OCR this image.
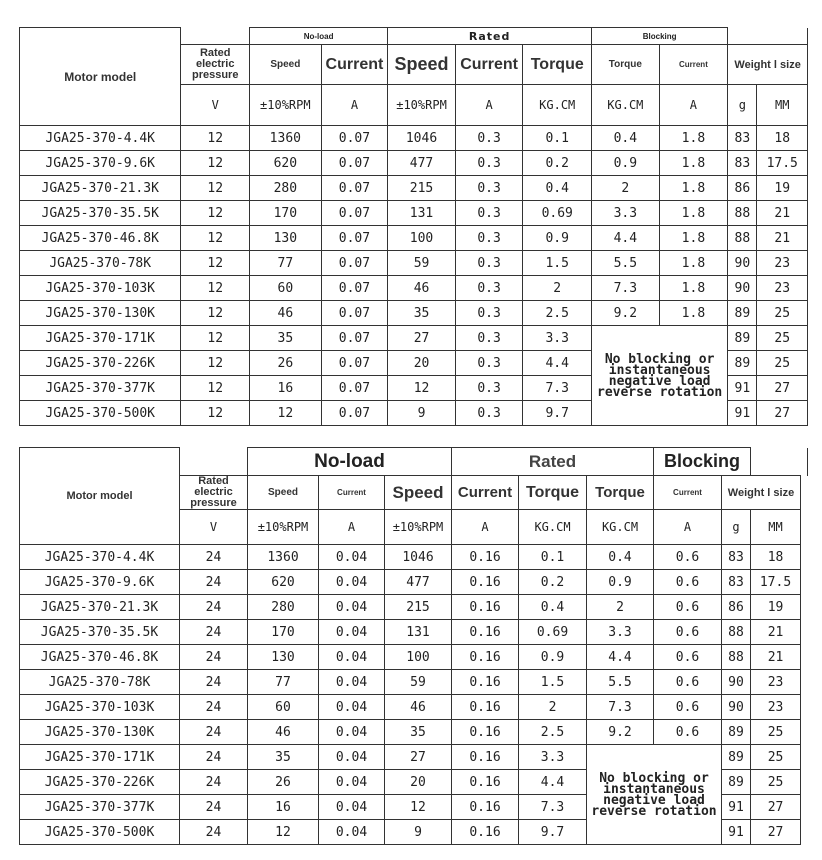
Motor model		No-load		Rated			Blocking			
	Rated electric pressure	Speed	Current	Speed	Current	Torque	Torque	Current	Weight l size	
	V	±10%RPM	A	±10%RPM	A	KG.CM	KG.CM	A	g	MM
JGA25-370-4.4K	12	1360	0.07	1046	0.3	0.1	0.4	1.8	83	18
JGA25-370-9.6K	12	620	0.07	477	0.3	0.2	0.9	1.8	83	17.5
JGA25-370-21.3K	12	280	0.07	215	0.3	0.4	2	1.8	86	19
JGA25-370-35.5K	12	170	0.07	131	0.3	0.69	3.3	1.8	88	21
JGA25-370-46.8K	12	130	0.07	100	0.3	0.9	4.4	1.8	88	21
JGA25-370-78K	12	77	0.07	59	0.3	1.5	5.5	1.8	90	23
JGA25-370-103K	12	60	0.07	46	0.3	2	7.3	1.8	90	23
JGA25-370-130K	12	46	0.07	35	0.3	2.5	9.2	1.8	89	25
JGA25-370-171K	12	35	0.07	27	0.3	3.3	No blocking or instantaneous negative load reverse rotation		89	25
JGA25-370-226K	12	26	0.07	20	0.3	4.4			89	25
JGA25-370-377K	12	16	0.07	12	0.3	7.3			91	27
JGA25-370-500K	12	12	0.07	9	0.3	9.7			91	27
Motor model		No-load			Rated			Blocking		
	Rated electric pressure	Speed	Current	Speed	Current	Torque	Torque	Current	Weight l size	
	V	±10%RPM	A	±10%RPM	A	KG.CM	KG.CM	A	g	MM
JGA25-370-4.4K	24	1360	0.04	1046	0.16	0.1	0.4	0.6	83	18
JGA25-370-9.6K	24	620	0.04	477	0.16	0.2	0.9	0.6	83	17.5
JGA25-370-21.3K	24	280	0.04	215	0.16	0.4	2	0.6	86	19
JGA25-370-35.5K	24	170	0.04	131	0.16	0.69	3.3	0.6	88	21
JGA25-370-46.8K	24	130	0.04	100	0.16	0.9	4.4	0.6	88	21
JGA25-370-78K	24	77	0.04	59	0.16	1.5	5.5	0.6	90	23
JGA25-370-103K	24	60	0.04	46	0.16	2	7.3	0.6	90	23
JGA25-370-130K	24	46	0.04	35	0.16	2.5	9.2	0.6	89	25
JGA25-370-171K	24	35	0.04	27	0.16	3.3	No blocking or instantaneous negative load reverse rotation		89	25
JGA25-370-226K	24	26	0.04	20	0.16	4.4			89	25
JGA25-370-377K	24	16	0.04	12	0.16	7.3			91	27
JGA25-370-500K	24	12	0.04	9	0.16	9.7			91	27
